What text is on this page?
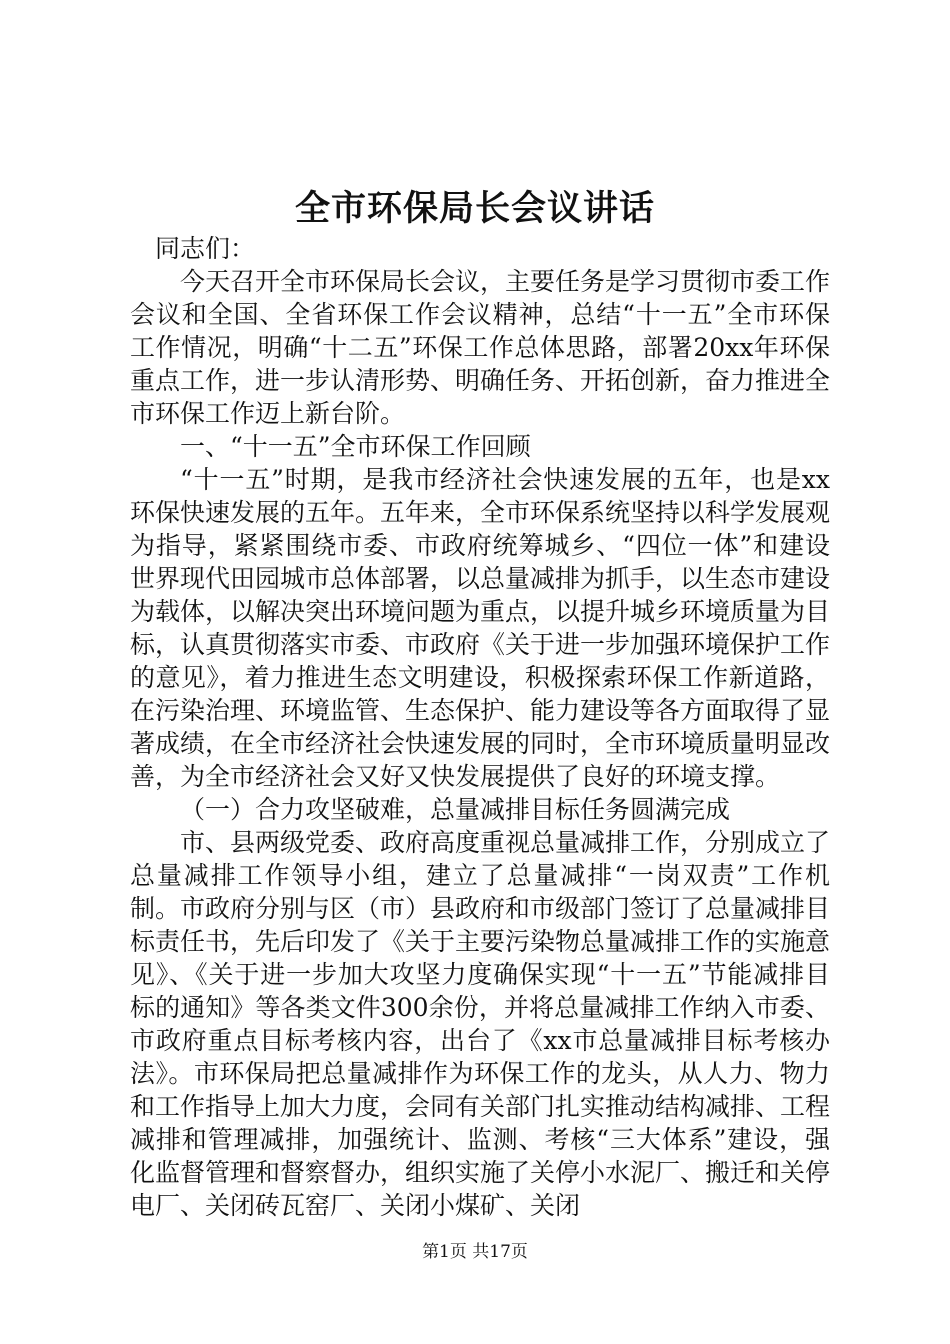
全市环保局长会议讲话

同志们：

今天召开全市环保局长会议，主要任务是学习贯彻市委工作会议和全国、全省环保工作会议精神，总结“十一五”全市环保工作情况，明确“十二五”环保工作总体思路，部署20xx年环保重点工作，进一步认清形势、明确任务、开拓创新，奋力推进全市环保工作迈上新台阶。

一、“十一五”全市环保工作回顾

“十一五”时期，是我市经济社会快速发展的五年，也是xx环保快速发展的五年。五年来，全市环保系统坚持以科学发展观为指导，紧紧围绕市委、市政府统筹城乡、“四位一体”和建设世界现代田园城市总体部署，以总量减排为抓手，以生态市建设为载体，以解决突出环境问题为重点，以提升城乡环境质量为目标，认真贯彻落实市委、市政府《关于进一步加强环境保护工作的意见》，着力推进生态文明建设，积极探索环保工作新道路，在污染治理、环境监管、生态保护、能力建设等各方面取得了显著成绩，在全市经济社会快速发展的同时，全市环境质量明显改善，为全市经济社会又好又快发展提供了良好的环境支撑。

（一）合力攻坚破难，总量减排目标任务圆满完成

市、县两级党委、政府高度重视总量减排工作，分别成立了总量减排工作领导小组，建立了总量减排“一岗双责”工作机制。市政府分别与区（市）县政府和市级部门签订了总量减排目标责任书，先后印发了《关于主要污染物总量减排工作的实施意见》、《关于进一步加大攻坚力度确保实现“十一五”节能减排目标的通知》等各类文件300余份，并将总量减排工作纳入市委、市政府重点目标考核内容，出台了《xx市总量减排目标考核办法》。市环保局把总量减排作为环保工作的龙头，从人力、物力和工作指导上加大力度，会同有关部门扎实推动结构减排、工程减排和管理减排，加强统计、监测、考核“三大体系”建设，强化监督管理和督察督办，组织实施了关停小水泥厂、搬迁和关停电厂、关闭砖瓦窑厂、关闭小煤矿、关闭

第1页 共17页
